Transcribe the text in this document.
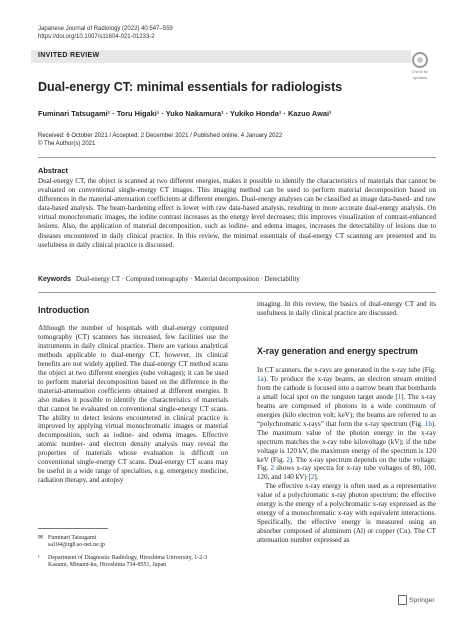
Japanese Journal of Radiology (2022) 40:547–559
https://doi.org/10.1007/s11604-021-01233-2
INVITED REVIEW
Check for
updates
Dual‑energy CT: minimal essentials for radiologists
Fuminari Tatsugami¹ · Toru Higaki¹ · Yuko Nakamura¹ · Yukiko Honda¹ · Kazuo Awai¹
Received: 6 October 2021 / Accepted: 2 December 2021 / Published online: 4 January 2022
© The Author(s) 2021
Abstract
Dual-energy CT, the object is scanned at two different energies, makes it possible to identify the characteristics of materials that cannot be evaluated on conventional single-energy CT images. This imaging method can be used to perform material decomposition based on differences in the material-attenuation coefficients at different energies. Dual-energy analyses can be classified as image data-based- and raw data-based analysis. The beam-hardening effect is lower with raw data-based analysis, resulting in more accurate dual-energy analysis. On virtual monochromatic images, the iodine contrast increases as the energy level decreases; this improves visualization of contrast-enhanced lesions. Also, the application of material decomposition, such as iodine- and edema images, increases the detectability of lesions due to diseases encountered in daily clinical practice. In this review, the minimal essentials of dual-energy CT scanning are presented and its usefulness in daily clinical practice is discussed.
Keywords Dual-energy CT · Computed tomography · Material decomposition · Detectability
Introduction

Although the number of hospitals with dual-energy computed tomography (CT) scanners has increased, few facilities use the instruments in daily clinical practice. There are various analytical methods applicable to dual-energy CT, however, its clinical benefits are not widely applied. The dual-energy CT method scans the object at two different energies (tube voltages); it can be used to perform material decomposition based on the difference in the material-attenuation coefficients obtained at different energies. It also makes it possible to identify the characteristics of materials that cannot be evaluated on conventional single-energy CT scans. The ability to detect lesions encountered in clinical practice is improved by applying virtual monochromatic images or material decomposition, such as iodine- and edema images. Effective atomic number- and electron density analysis may reveal the properties of materials whose evaluation is difficult on conventional single-energy CT scans. Dual-energy CT scans may be useful in a wide range of specialties, e.g. emergency medicine, radiation therapy, and autopsy

imaging. In this review, the basics of dual-energy CT and its usefulness in daily clinical practice are discussed.

X‑ray generation and energy spectrum

In CT scanners, the x-rays are generated in the x-ray tube (Fig. 1a). To produce the x-ray beams, an electron stream emitted from the cathode is focused into a narrow beam that bombards a small focal spot on the tungsten target anode [1]. The x-ray beams are composed of photons in a wide continuum of energies (kilo electron volt; keV); the beams are referred to as “polychromatic x-rays” that form the x-ray spectrum (Fig. 1b). The maximum value of the photon energy in the x-ray spectrum matches the x-ray tube kilovoltage (kV); if the tube voltage is 120 kV, the maximum energy of the spectrum is 120 keV (Fig. 2). The x-ray spectrum depends on the tube voltage; Fig. 2 shows x-ray spectra for x-ray tube voltages of 80, 100, 120, and 140 kV) [2].

The effective x-ray energy is often used as a representative value of a polychromatic x-ray photon spectrum; the effective energy is the energy of a polychromatic x-ray expressed as the energy of a monochromatic x-ray with equivalent interactions. Specifically, the effective energy is measured using an absorber composed of aluminum (Al) or copper (Cu). The CT attenuation number expressed as

✉ Fuminari Tatsugami
sa104@rg8.so-net.ne.jp
¹	Department of Diagnostic Radiology, Hiroshima University, 1-2-3 Kasumi, Minami-ku, Hiroshima 734-8551, Japan
Springer
